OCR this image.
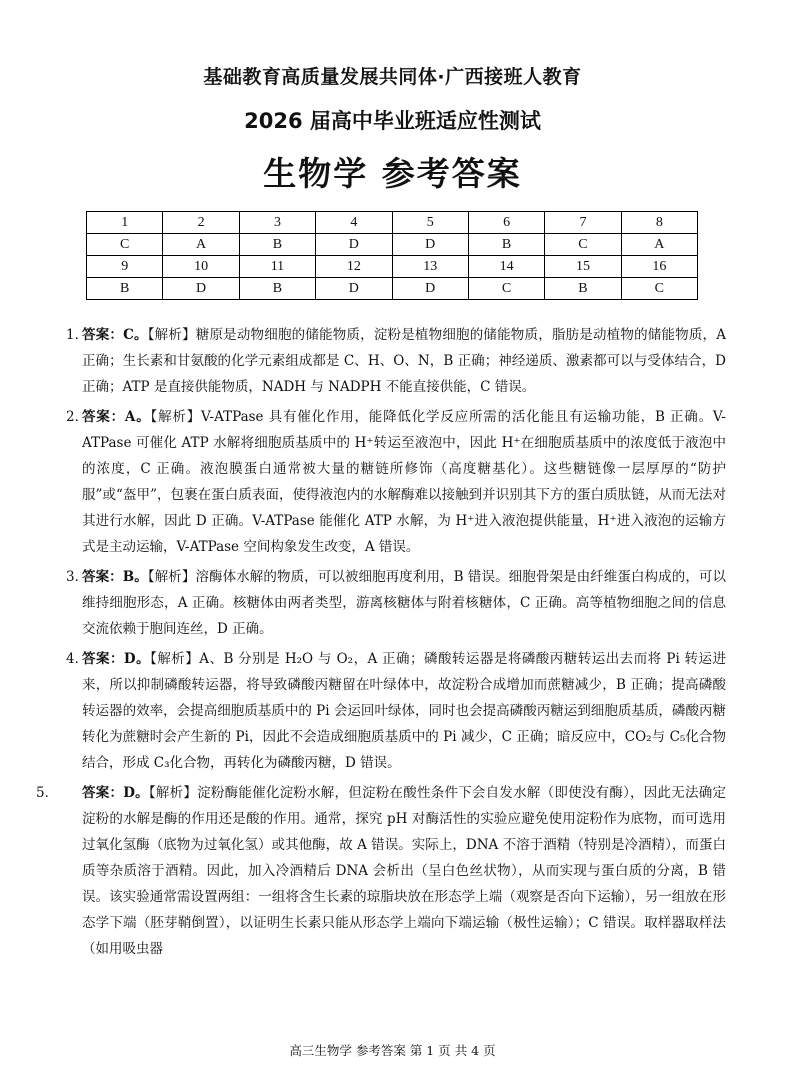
基础教育高质量发展共同体·广西接班人教育
2026 届高中毕业班适应性测试
生物学 参考答案
1	2	3	4	5	6	7	8
C	A	B	D	D	B	C	A
9	10	11	12	13	14	15	16
B	D	B	D	D	C	B	C
1．

答案：C。【解析】糖原是动物细胞的储能物质，淀粉是植物细胞的储能物质，脂肪是动植物的储能物质，A 正确；生长素和甘氨酸的化学元素组成都是 C、H、O、N，B 正确；神经递质、激素都可以与受体结合，D 正确；ATP 是直接供能物质，NADH 与 NADPH 不能直接供能，C 错误。

2．

答案：A。【解析】V-ATPase 具有催化作用，能降低化学反应所需的活化能且有运输功能，B 正确。V-ATPase 可催化 ATP 水解将细胞质基质中的 H⁺转运至液泡中，因此 H⁺在细胞质基质中的浓度低于液泡中的浓度，C 正确。液泡膜蛋白通常被大量的糖链所修饰（高度糖基化）。这些糖链像一层厚厚的“防护服”或“盔甲”，包裹在蛋白质表面，使得液泡内的水解酶难以接触到并识别其下方的蛋白质肽链，从而无法对其进行水解，因此 D 正确。V-ATPase 能催化 ATP 水解，为 H⁺进入液泡提供能量，H⁺进入液泡的运输方式是主动运输，V-ATPase 空间构象发生改变，A 错误。

3．

答案：B。【解析】溶酶体水解的物质，可以被细胞再度利用，B 错误。细胞骨架是由纤维蛋白构成的，可以维持细胞形态，A 正确。核糖体由两者类型，游离核糖体与附着核糖体，C 正确。高等植物细胞之间的信息交流依赖于胞间连丝，D 正确。

4．

答案：D。【解析】A、B 分别是 H₂O 与 O₂，A 正确；磷酸转运器是将磷酸丙糖转运出去而将 Pi 转运进来，所以抑制磷酸转运器，将导致磷酸丙糖留在叶绿体中，故淀粉合成增加而蔗糖减少，B 正确；提高磷酸转运器的效率，会提高细胞质基质中的 Pi 会运回叶绿体，同时也会提高磷酸丙糖运到细胞质基质，磷酸丙糖转化为蔗糖时会产生新的 Pi，因此不会造成细胞质基质中的 Pi 减少，C 正确；暗反应中，CO₂与 C₅化合物结合，形成 C₃化合物，再转化为磷酸丙糖，D 错误。

5．	答案：D。【解析】淀粉酶能催化淀粉水解，但淀粉在酸性条件下会自发水解（即使没有酶），因此无法确定淀粉的水解是酶的作用还是酸的作用。通常，探究 pH 对酶活性的实验应避免使用淀粉作为底物，而可选用过氧化氢酶（底物为过氧化氢）或其他酶，故 A 错误。实际上，DNA 不溶于酒精（特别是冷酒精），而蛋白质等杂质溶于酒精。因此，加入冷酒精后 DNA 会析出（呈白色丝状物），从而实现与蛋白质的分离，B 错误。该实验通常需设置两组：一组将含生长素的琼脂块放在形态学上端（观察是否向下运输），另一组放在形态学下端（胚芽鞘倒置），以证明生长素只能从形态学上端向下端运输（极性运输）；C 错误。取样器取样法（如用吸虫器

高三生物学 参考答案 第 1 页 共 4 页
